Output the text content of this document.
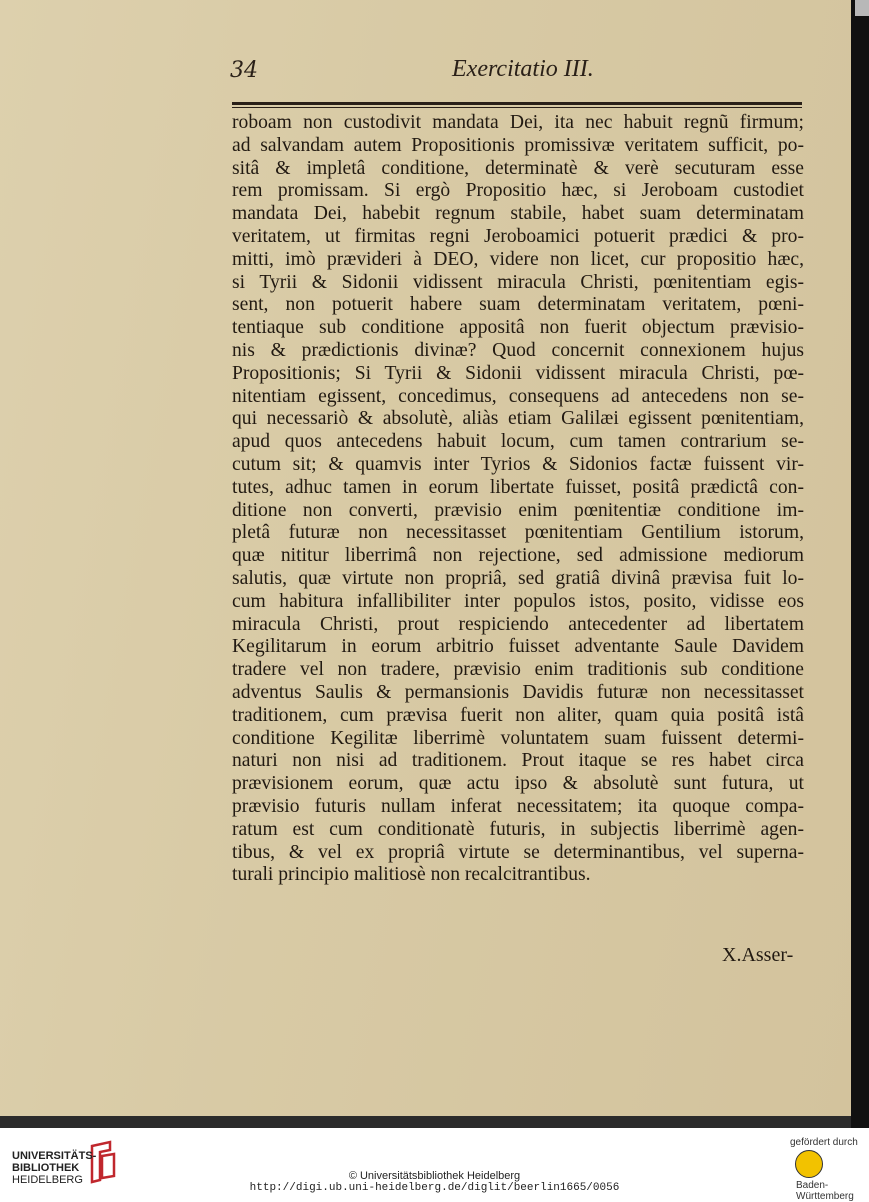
34	Exercitatio III.
roboam non custodivit mandata Dei, ita nec habuit regnũ firmum;
ad salvandam autem Propositionis promissivæ veritatem sufficit, po-
sitâ & impletâ conditione, determinatè & verè secuturam esse
rem promissam. Si ergò Propositio hæc, si Jeroboam custodiet
mandata Dei, habebit regnum stabile, habet suam determinatam
veritatem, ut firmitas regni Jeroboamici potuerit prædici & pro-
mitti, imò prævideri à DEO, videre non licet, cur propositio hæc,
si Tyrii & Sidonii vidissent miracula Christi, pœnitentiam egis-
sent, non potuerit habere suam determinatam veritatem, pœni-
tentiaque sub conditione appositâ non fuerit objectum prævisio-
nis & prædictionis divinæ? Quod concernit connexionem hujus
Propositionis; Si Tyrii & Sidonii vidissent miracula Christi, pœ-
nitentiam egissent, concedimus, consequens ad antecedens non se-
qui necessariò & absolutè, aliàs etiam Galilæi egissent pœnitentiam,
apud quos antecedens habuit locum, cum tamen contrarium se-
cutum sit; & quamvis inter Tyrios & Sidonios factæ fuissent vir-
tutes, adhuc tamen in eorum libertate fuisset, positâ prædictâ con-
ditione non converti, prævisio enim pœnitentiæ conditione im-
pletâ futuræ non necessitasset pœnitentiam Gentilium istorum,
quæ nititur liberrimâ non rejectione, sed admissione mediorum
salutis, quæ virtute non propriâ, sed gratiâ divinâ prævisa fuit lo-
cum habitura infallibiliter inter populos istos, posito, vidisse eos
miracula Christi, prout respiciendo antecedenter ad libertatem
Kegilitarum in eorum arbitrio fuisset adventante Saule Davidem
tradere vel non tradere, prævisio enim traditionis sub conditione
adventus Saulis & permansionis Davidis futuræ non necessitasset
traditionem, cum prævisa fuerit non aliter, quam quia positâ istâ
conditione Kegilitæ liberrimè voluntatem suam fuissent determi-
naturi non nisi ad traditionem. Prout itaque se res habet circa
prævisionem eorum, quæ actu ipso & absolutè sunt futura, ut
prævisio futuris nullam inferat necessitatem; ita quoque compa-
ratum est cum conditionatè futuris, in subjectis liberrimè agen-
tibus, & vel ex propriâ virtute se determinantibus, vel superna-
turali principio malitiosè non recalcitrantibus.
X.Asser-
UNIVERSITÄTS-
BIBLIOTHEK
HEIDELBERG	© Universitätsbibliothek Heidelberg
http://digi.ub.uni-heidelberg.de/diglit/beerlin1665/0056
gefördert durch
Baden-Württemberg
